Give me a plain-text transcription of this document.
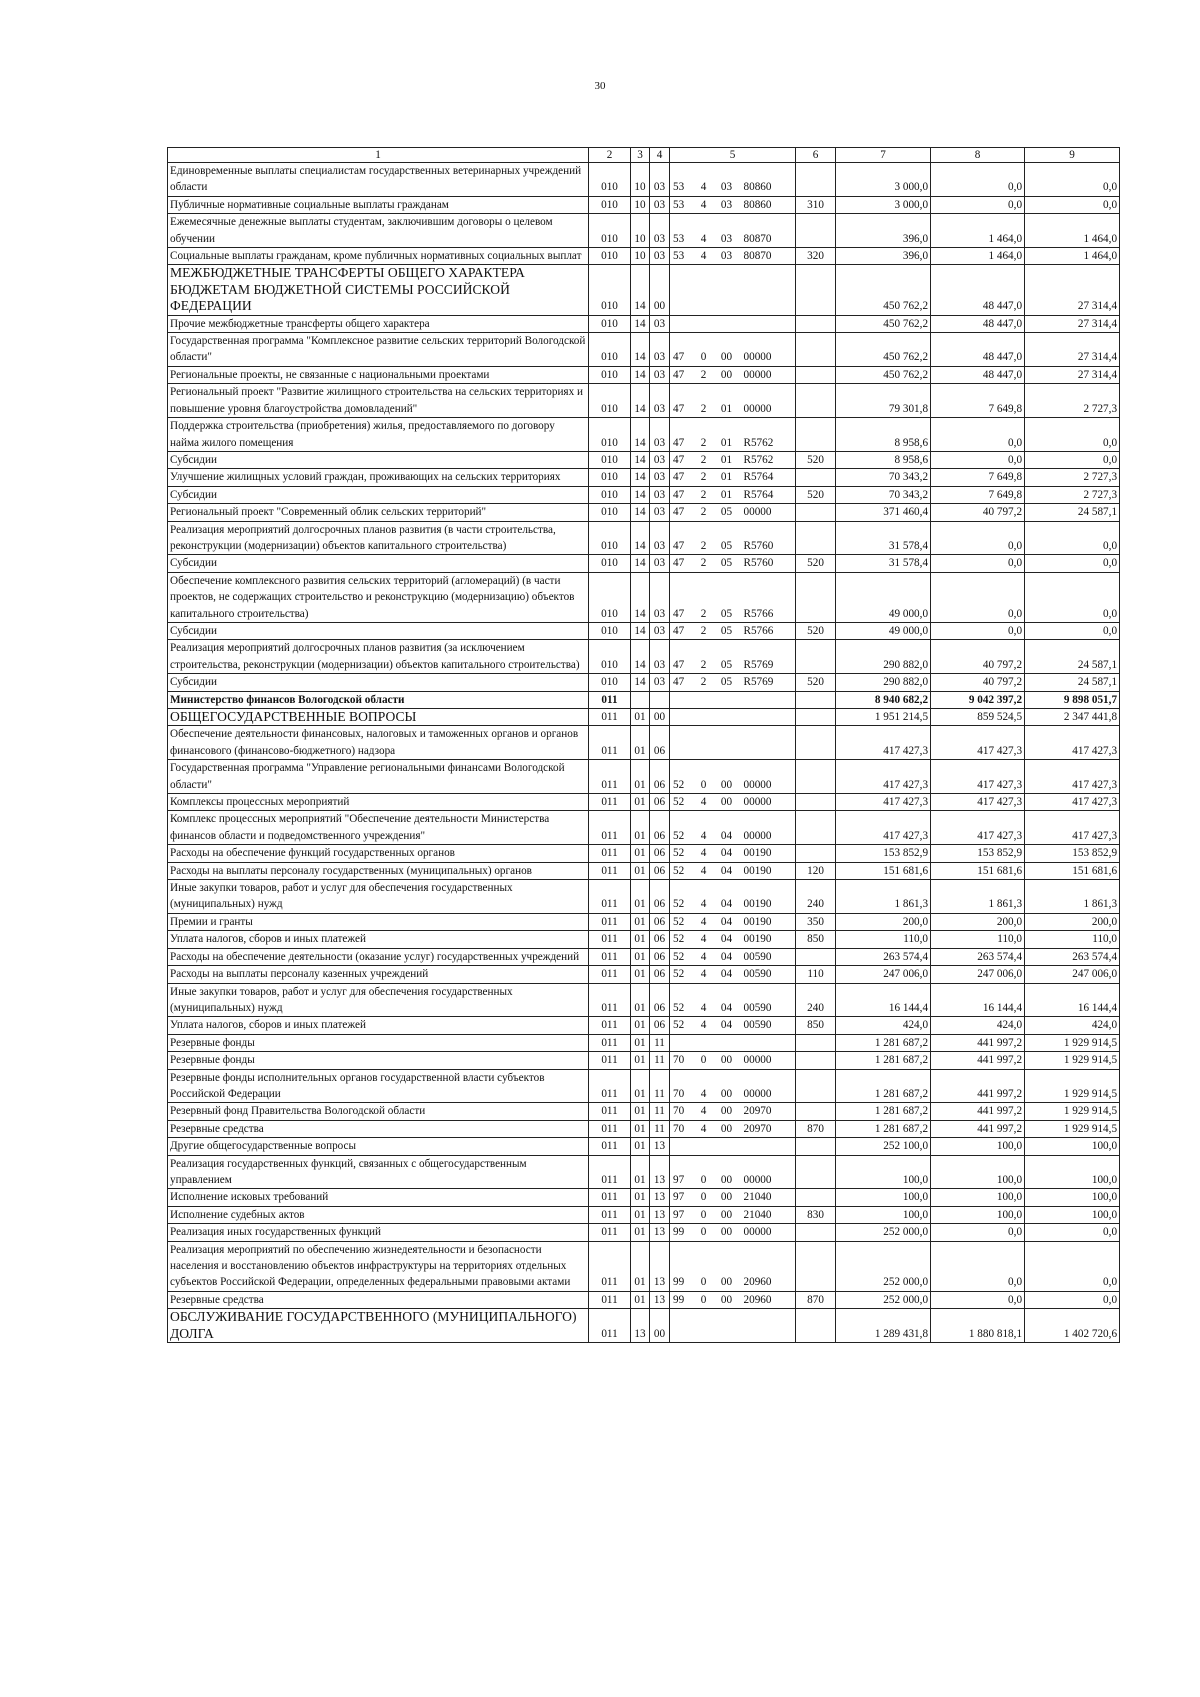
30
1	2	3	4	5				6	7	8	9
Единовременные выплаты специалистам государственных ветеринарных учреждений области	010	10	03	53	4	03	80860		3 000,0	0,0	0,0
Публичные нормативные социальные выплаты гражданам	010	10	03	53	4	03	80860	310	3 000,0	0,0	0,0
Ежемесячные денежные выплаты студентам, заключившим договоры о целевом обучении	010	10	03	53	4	03	80870		396,0	1 464,0	1 464,0
Социальные выплаты гражданам, кроме публичных нормативных социальных выплат	010	10	03	53	4	03	80870	320	396,0	1 464,0	1 464,0
МЕЖБЮДЖЕТНЫЕ ТРАНСФЕРТЫ ОБЩЕГО ХАРАКТЕРА БЮДЖЕТАМ БЮДЖЕТНОЙ СИСТЕМЫ РОССИЙСКОЙ ФЕДЕРАЦИИ	010	14	00						450 762,2	48 447,0	27 314,4
Прочие межбюджетные трансферты общего характера	010	14	03						450 762,2	48 447,0	27 314,4
Государственная программа "Комплексное развитие сельских территорий Вологодской области"	010	14	03	47	0	00	00000		450 762,2	48 447,0	27 314,4
Региональные проекты, не связанные с национальными проектами	010	14	03	47	2	00	00000		450 762,2	48 447,0	27 314,4
Региональный проект "Развитие жилищного строительства на сельских территориях и повышение уровня благоустройства домовладений"	010	14	03	47	2	01	00000		79 301,8	7 649,8	2 727,3
Поддержка строительства (приобретения) жилья, предоставляемого по договору найма жилого помещения	010	14	03	47	2	01	R5762		8 958,6	0,0	0,0
Субсидии	010	14	03	47	2	01	R5762	520	8 958,6	0,0	0,0
Улучшение жилищных условий граждан, проживающих на сельских территориях	010	14	03	47	2	01	R5764		70 343,2	7 649,8	2 727,3
Субсидии	010	14	03	47	2	01	R5764	520	70 343,2	7 649,8	2 727,3
Региональный проект "Современный облик сельских территорий"	010	14	03	47	2	05	00000		371 460,4	40 797,2	24 587,1
Реализация мероприятий долгосрочных планов развития (в части строительства, реконструкции (модернизации) объектов капитального строительства)	010	14	03	47	2	05	R5760		31 578,4	0,0	0,0
Субсидии	010	14	03	47	2	05	R5760	520	31 578,4	0,0	0,0
Обеспечение комплексного развития сельских территорий (агломераций) (в части проектов, не содержащих строительство и реконструкцию (модернизацию) объектов капитального строительства)	010	14	03	47	2	05	R5766		49 000,0	0,0	0,0
Субсидии	010	14	03	47	2	05	R5766	520	49 000,0	0,0	0,0
Реализация мероприятий долгосрочных планов развития (за исключением строительства, реконструкции (модернизации) объектов капитального строительства)	010	14	03	47	2	05	R5769		290 882,0	40 797,2	24 587,1
Субсидии	010	14	03	47	2	05	R5769	520	290 882,0	40 797,2	24 587,1
Министерство финансов Вологодской области	011								8 940 682,2	9 042 397,2	9 898 051,7
ОБЩЕГОСУДАРСТВЕННЫЕ ВОПРОСЫ	011	01	00						1 951 214,5	859 524,5	2 347 441,8
Обеспечение деятельности финансовых, налоговых и таможенных органов и органов финансового (финансово-бюджетного) надзора	011	01	06						417 427,3	417 427,3	417 427,3
Государственная программа "Управление региональными финансами Вологодской области"	011	01	06	52	0	00	00000		417 427,3	417 427,3	417 427,3
Комплексы процессных мероприятий	011	01	06	52	4	00	00000		417 427,3	417 427,3	417 427,3
Комплекс процессных мероприятий "Обеспечение деятельности Министерства финансов области и подведомственного учреждения"	011	01	06	52	4	04	00000		417 427,3	417 427,3	417 427,3
Расходы на обеспечение функций государственных органов	011	01	06	52	4	04	00190		153 852,9	153 852,9	153 852,9
Расходы на выплаты персоналу государственных (муниципальных) органов	011	01	06	52	4	04	00190	120	151 681,6	151 681,6	151 681,6
Иные закупки товаров, работ и услуг для обеспечения государственных (муниципальных) нужд	011	01	06	52	4	04	00190	240	1 861,3	1 861,3	1 861,3
Премии и гранты	011	01	06	52	4	04	00190	350	200,0	200,0	200,0
Уплата налогов, сборов и иных платежей	011	01	06	52	4	04	00190	850	110,0	110,0	110,0
Расходы на обеспечение деятельности (оказание услуг) государственных учреждений	011	01	06	52	4	04	00590		263 574,4	263 574,4	263 574,4
Расходы на выплаты персоналу казенных учреждений	011	01	06	52	4	04	00590	110	247 006,0	247 006,0	247 006,0
Иные закупки товаров, работ и услуг для обеспечения государственных (муниципальных) нужд	011	01	06	52	4	04	00590	240	16 144,4	16 144,4	16 144,4
Уплата налогов, сборов и иных платежей	011	01	06	52	4	04	00590	850	424,0	424,0	424,0
Резервные фонды	011	01	11						1 281 687,2	441 997,2	1 929 914,5
Резервные фонды	011	01	11	70	0	00	00000		1 281 687,2	441 997,2	1 929 914,5
Резервные фонды исполнительных органов государственной власти субъектов Российской Федерации	011	01	11	70	4	00	00000		1 281 687,2	441 997,2	1 929 914,5
Резервный фонд Правительства Вологодской области	011	01	11	70	4	00	20970		1 281 687,2	441 997,2	1 929 914,5
Резервные средства	011	01	11	70	4	00	20970	870	1 281 687,2	441 997,2	1 929 914,5
Другие общегосударственные вопросы	011	01	13						252 100,0	100,0	100,0
Реализация государственных функций, связанных с общегосударственным управлением	011	01	13	97	0	00	00000		100,0	100,0	100,0
Исполнение исковых требований	011	01	13	97	0	00	21040		100,0	100,0	100,0
Исполнение судебных актов	011	01	13	97	0	00	21040	830	100,0	100,0	100,0
Реализация иных государственных функций	011	01	13	99	0	00	00000		252 000,0	0,0	0,0
Реализация мероприятий по обеспечению жизнедеятельности и безопасности населения и восстановлению объектов инфраструктуры на территориях отдельных субъектов Российской Федерации, определенных федеральными правовыми актами	011	01	13	99	0	00	20960		252 000,0	0,0	0,0
Резервные средства	011	01	13	99	0	00	20960	870	252 000,0	0,0	0,0
ОБСЛУЖИВАНИЕ ГОСУДАРСТВЕННОГО (МУНИЦИПАЛЬНОГО) ДОЛГА	011	13	00						1 289 431,8	1 880 818,1	1 402 720,6
